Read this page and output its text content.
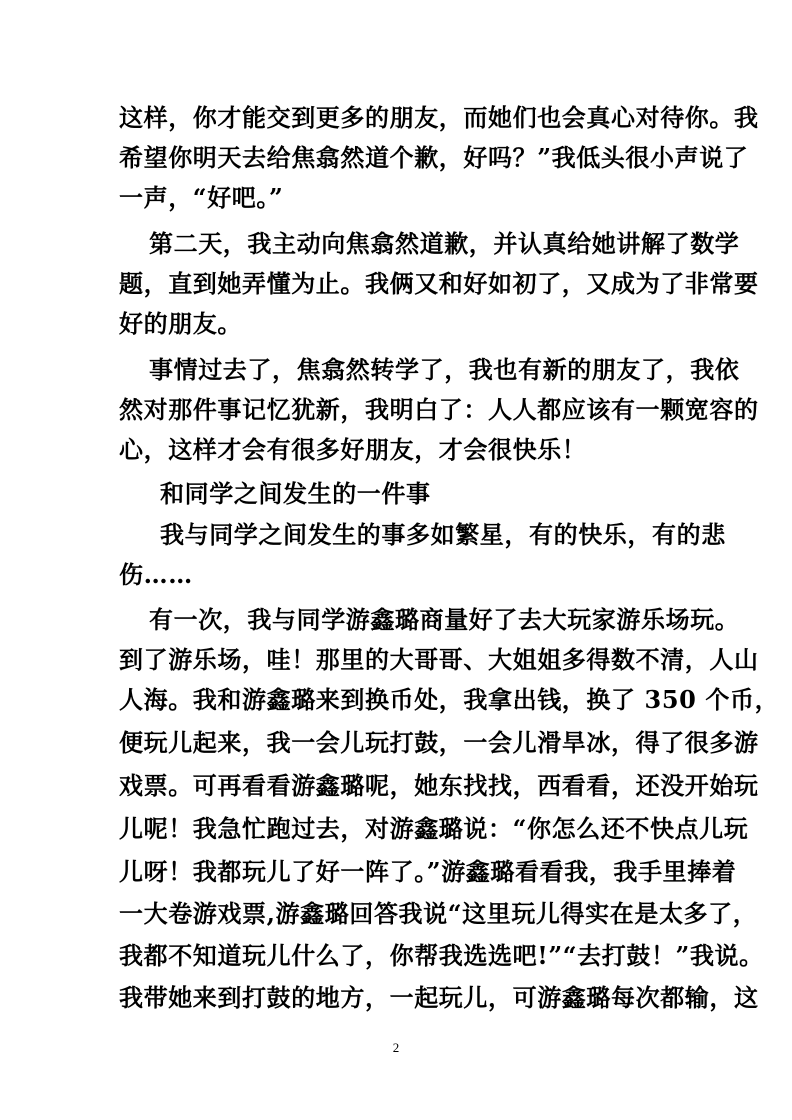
这样，你才能交到更多的朋友，而她们也会真心对待你。我
希望你明天去给焦翕然道个歉，好吗？”我低头很小声说了
一声，“好吧。”
第二天，我主动向焦翕然道歉，并认真给她讲解了数学
题，直到她弄懂为止。我俩又和好如初了，又成为了非常要
好的朋友。
事情过去了，焦翕然转学了，我也有新的朋友了，我依
然对那件事记忆犹新，我明白了：人人都应该有一颗宽容的
心，这样才会有很多好朋友，才会很快乐！
和同学之间发生的一件事
我与同学之间发生的事多如繁星，有的快乐，有的悲
伤……
有一次，我与同学游鑫璐商量好了去大玩家游乐场玩。
到了游乐场，哇！那里的大哥哥、大姐姐多得数不清，人山
人海。我和游鑫璐来到换币处，我拿出钱，换了 350 个币，
便玩儿起来，我一会儿玩打鼓，一会儿滑旱冰，得了很多游
戏票。可再看看游鑫璐呢，她东找找，西看看，还没开始玩
儿呢！我急忙跑过去，对游鑫璐说：“你怎么还不快点儿玩
儿呀！我都玩儿了好一阵了。”游鑫璐看看我，我手里捧着
一大卷游戏票,游鑫璐回答我说“这里玩儿得实在是太多了，
我都不知道玩儿什么了，你帮我选选吧!”“去打鼓！”我说。
我带她来到打鼓的地方，一起玩儿，可游鑫璐每次都输，这
2
